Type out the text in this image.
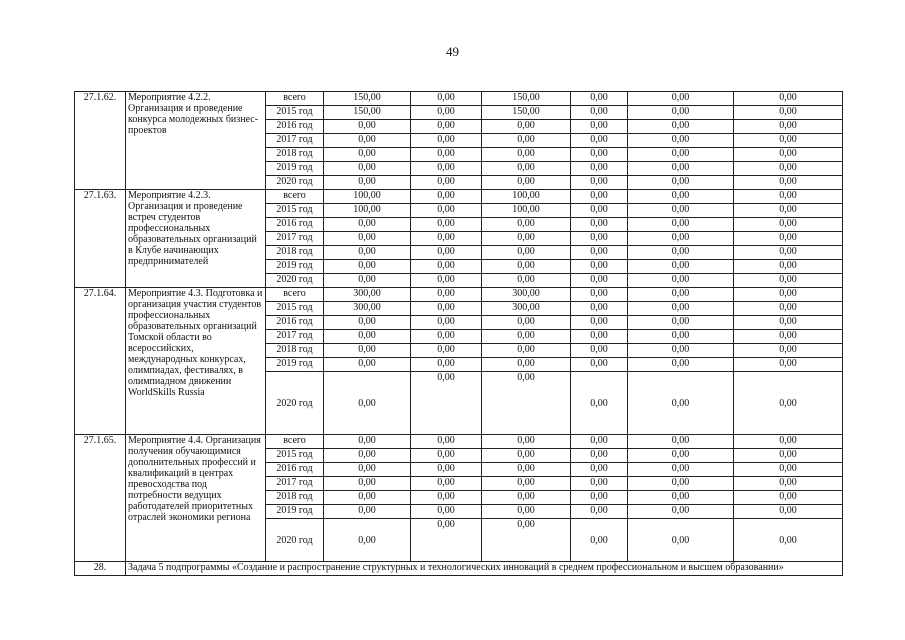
49
27.1.62.	Мероприятие 4.2.2. Организация и проведение конкурса молодежных бизнес-проектов	всего	150,00	0,00	150,00	0,00	0,00	0,00
		2015 год	150,00	0,00	150,00	0,00	0,00	0,00
		2016 год	0,00	0,00	0,00	0,00	0,00	0,00
		2017 год	0,00	0,00	0,00	0,00	0,00	0,00
		2018 год	0,00	0,00	0,00	0,00	0,00	0,00
		2019 год	0,00	0,00	0,00	0,00	0,00	0,00
		2020 год	0,00	0,00	0,00	0,00	0,00	0,00
27.1.63.	Мероприятие 4.2.3. Организация и проведение встреч студентов профессиональных образовательных организаций в Клубе начинающих предпринимателей	всего	100,00	0,00	100,00	0,00	0,00	0,00
		2015 год	100,00	0,00	100,00	0,00	0,00	0,00
		2016 год	0,00	0,00	0,00	0,00	0,00	0,00
		2017 год	0,00	0,00	0,00	0,00	0,00	0,00
		2018 год	0,00	0,00	0,00	0,00	0,00	0,00
		2019 год	0,00	0,00	0,00	0,00	0,00	0,00
		2020 год	0,00	0,00	0,00	0,00	0,00	0,00
27.1.64.	Мероприятие 4.3. Подготовка и организация участия студентов профессиональных образовательных организаций Томской области во всероссийских, международных конкурсах, олимпиадах, фестивалях, в олимпиадном движении WorldSkills Russia	всего	300,00	0,00	300,00	0,00	0,00	0,00
		2015 год	300,00	0,00	300,00	0,00	0,00	0,00
		2016 год	0,00	0,00	0,00	0,00	0,00	0,00
		2017 год	0,00	0,00	0,00	0,00	0,00	0,00
		2018 год	0,00	0,00	0,00	0,00	0,00	0,00
		2019 год	0,00	0,00	0,00	0,00	0,00	0,00
		2020 год	0,00	0,00	0,00	0,00	0,00	0,00
27.1.65.	Мероприятие 4.4. Организация получения обучающимися дополнительных профессий и квалификаций в центрах превосходства под потребности ведущих работодателей приоритетных отраслей экономики региона	всего	0,00	0,00	0,00	0,00	0,00	0,00
		2015 год	0,00	0,00	0,00	0,00	0,00	0,00
		2016 год	0,00	0,00	0,00	0,00	0,00	0,00
		2017 год	0,00	0,00	0,00	0,00	0,00	0,00
		2018 год	0,00	0,00	0,00	0,00	0,00	0,00
		2019 год	0,00	0,00	0,00	0,00	0,00	0,00
		2020 год	0,00	0,00	0,00	0,00	0,00	0,00
28.	Задача 5 подпрограммы «Создание и распространение структурных и технологических инноваций в среднем профессиональном и высшем образовании»							
